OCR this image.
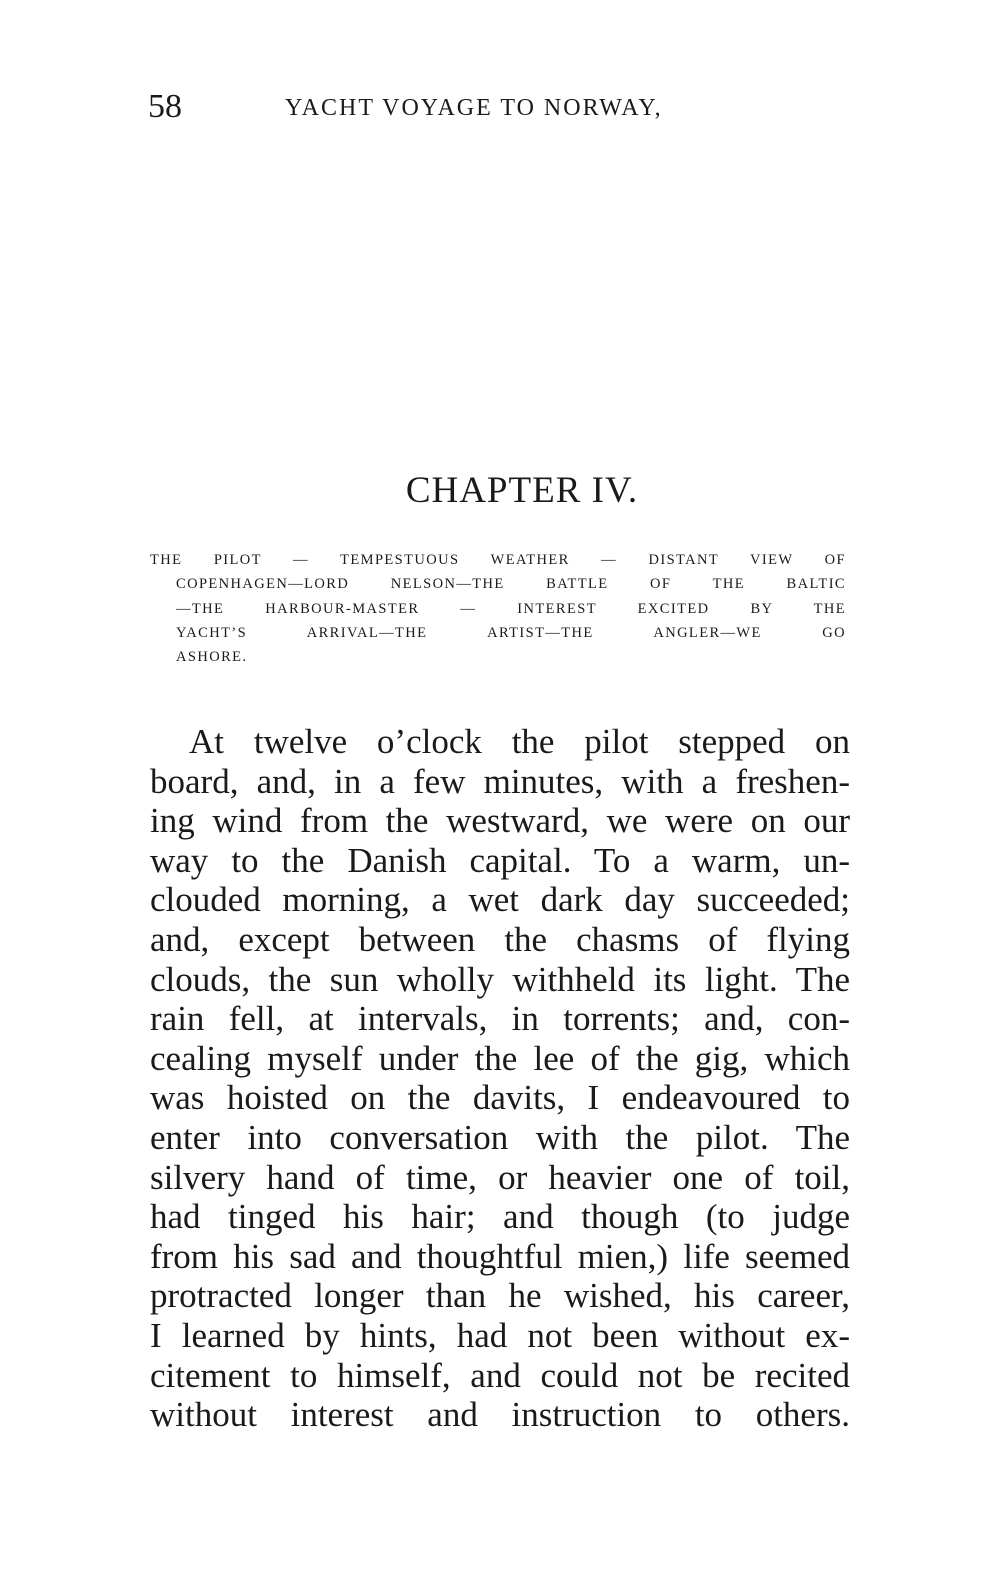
58	YACHT VOYAGE TO NORWAY,
CHAPTER IV.
THE PILOT — TEMPESTUOUS WEATHER — DISTANT VIEW OF
COPENHAGEN—LORD NELSON—THE BATTLE OF THE BALTIC
—THE HARBOUR-MASTER — INTEREST EXCITED BY THE
YACHT’S ARRIVAL—THE ARTIST—THE ANGLER—WE GO
ASHORE.
At twelve o’clock the pilot stepped on
board, and, in a few minutes, with a freshen-
ing wind from the westward, we were on our
way to the Danish capital. To a warm, un-
clouded morning, a wet dark day succeeded;
and, except between the chasms of flying
clouds, the sun wholly withheld its light. The
rain fell, at intervals, in torrents; and, con-
cealing myself under the lee of the gig, which
was hoisted on the davits, I endeavoured to
enter into conversation with the pilot. The
silvery hand of time, or heavier one of toil,
had tinged his hair; and though (to judge
from his sad and thoughtful mien,) life seemed
protracted longer than he wished, his career,
I learned by hints, had not been without ex-
citement to himself, and could not be recited
without interest and instruction to others.
